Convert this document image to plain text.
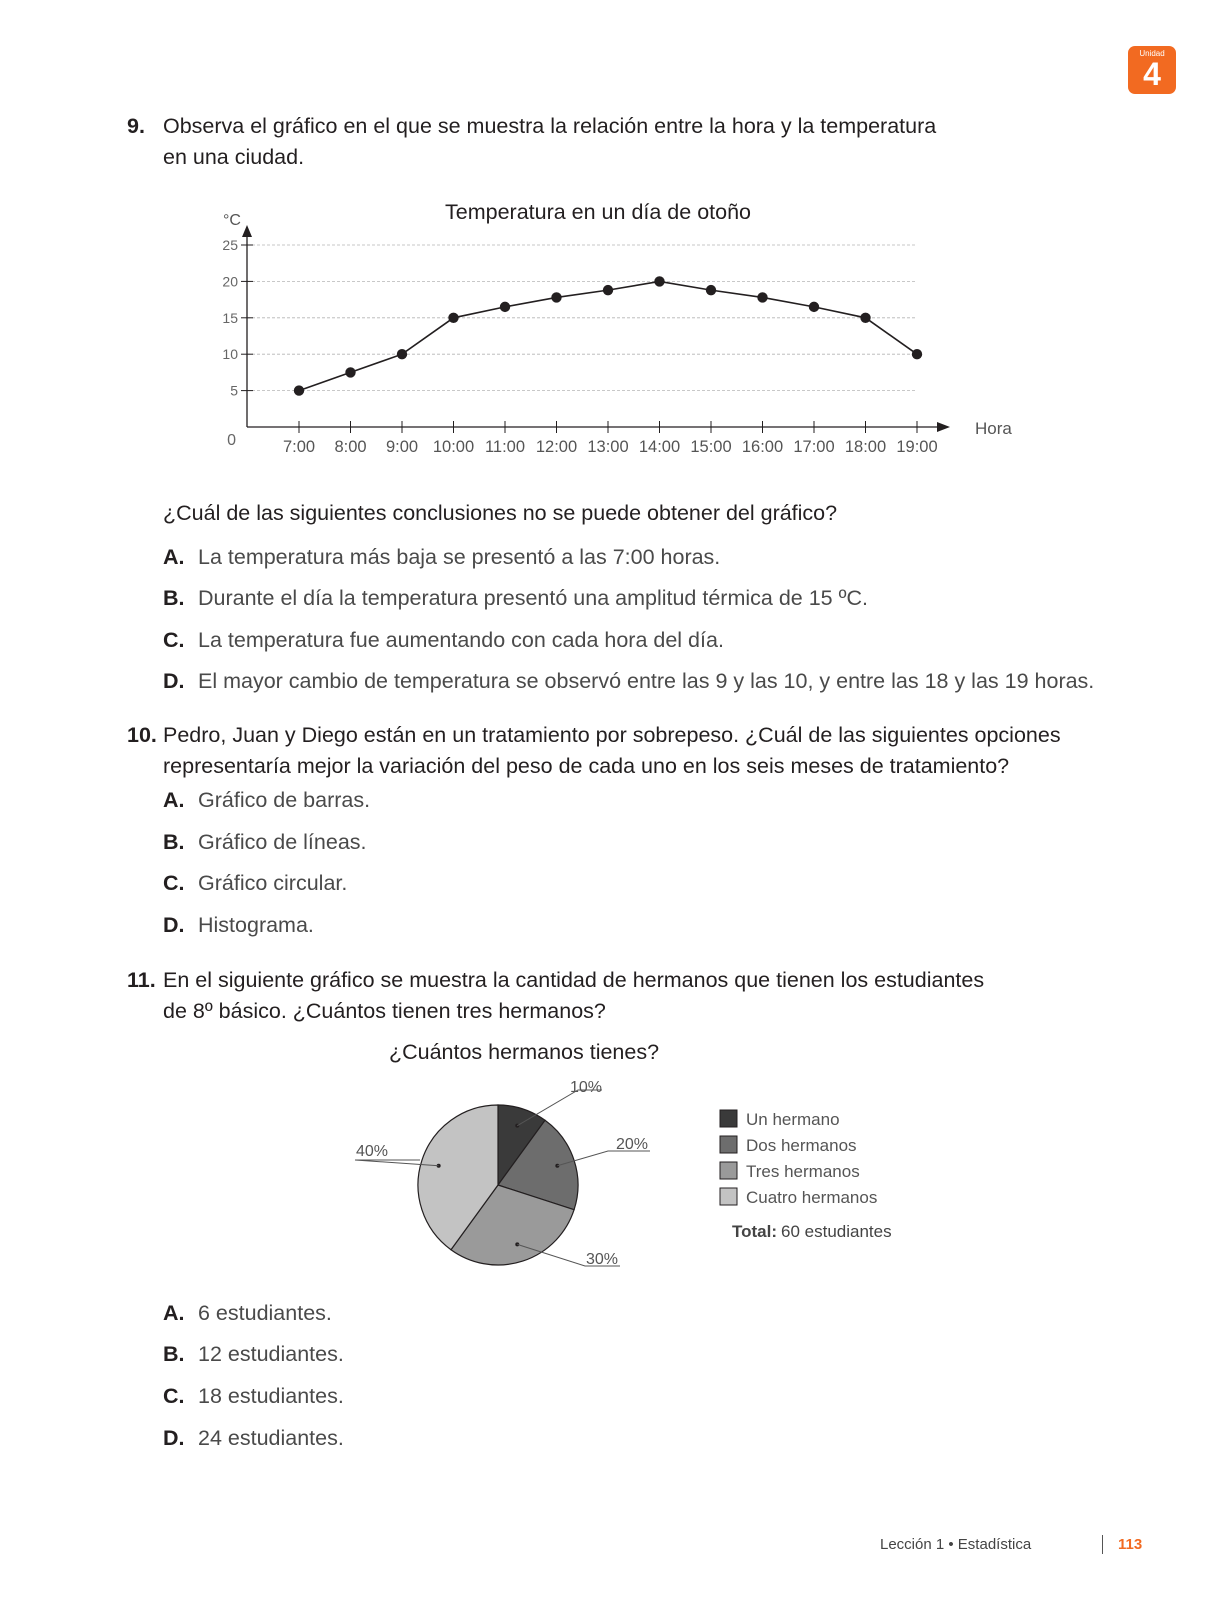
Unidad
4
9. Observa el gráfico en el que se muestra la relación entre la hora y la temperatura
en una ciudad.
Temperatura en un día de otoño
°C
0
5
10
15
20
25
7:00 8:00 9:00 10:00 11:00 12:00 13:00 14:00 15:00 16:00 17:00 18:00 19:00
Hora
¿Cuál de las siguientes conclusiones no se puede obtener del gráfico?
A. La temperatura más baja se presentó a las 7:00 horas.
B. Durante el día la temperatura presentó una amplitud térmica de 15 ºC.
C. La temperatura fue aumentando con cada hora del día.
D. El mayor cambio de temperatura se observó entre las 9 y las 10, y entre las 18 y las 19 horas.
10. Pedro, Juan y Diego están en un tratamiento por sobrepeso. ¿Cuál de las siguientes opciones
representaría mejor la variación del peso de cada uno en los seis meses de tratamiento?
A. Gráfico de barras.
B. Gráfico de líneas.
C. Gráfico circular.
D. Histograma.
11. En el siguiente gráfico se muestra la cantidad de hermanos que tienen los estudiantes
de 8º básico. ¿Cuántos tienen tres hermanos?
¿Cuántos hermanos tienes?
10%
20%
30%
40%
Un hermano
Dos hermanos
Tres hermanos
Cuatro hermanos
Total: 60 estudiantes
A. 6 estudiantes.
B. 12 estudiantes.
C. 18 estudiantes.
D. 24 estudiantes.
Lección 1 • Estadística	113
